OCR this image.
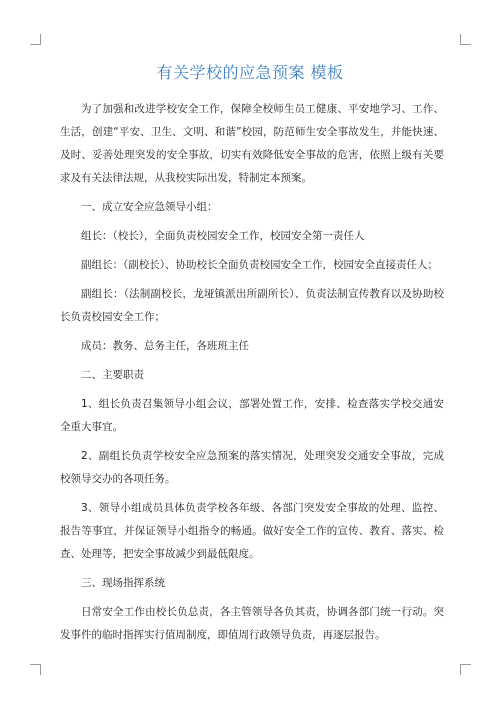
有关学校的应急预案 模板

为了加强和改进学校安全工作，保障全校师生员工健康、平安地学习、工作、生活，创建“平安、卫生、文明、和谐”校园，防范师生安全事故发生，并能快速、及时、妥善处理突发的安全事故，切实有效降低安全事故的危害，依照上级有关要求及有关法律法规，从我校实际出发，特制定本预案。

一、成立安全应急领导小组：

组长：（校长），全面负责校园安全工作，校园安全第一责任人

副组长：（副校长）、协助校长全面负责校园安全工作，校园安全直接责任人；

副组长：（法制副校长，龙垭镇派出所副所长）、负责法制宣传教育以及协助校长负责校园安全工作；

成员：教务、总务主任，各班班主任

二、主要职责

1、组长负责召集领导小组会议，部署处置工作，安排、检查落实学校交通安全重大事宜。

2、副组长负责学校安全应急预案的落实情况，处理突发交通安全事故，完成校领导交办的各项任务。

3、领导小组成员具体负责学校各年级、各部门突发安全事故的处理、监控、报告等事宜，并保证领导小组指令的畅通。做好安全工作的宣传、教育、落实、检查、处理等，把安全事故减少到最低限度。

三、现场指挥系统

日常安全工作由校长负总责，各主管领导各负其责，协调各部门统一行动。突发事件的临时指挥实行值周制度，即值周行政领导负责，再逐层报告。
